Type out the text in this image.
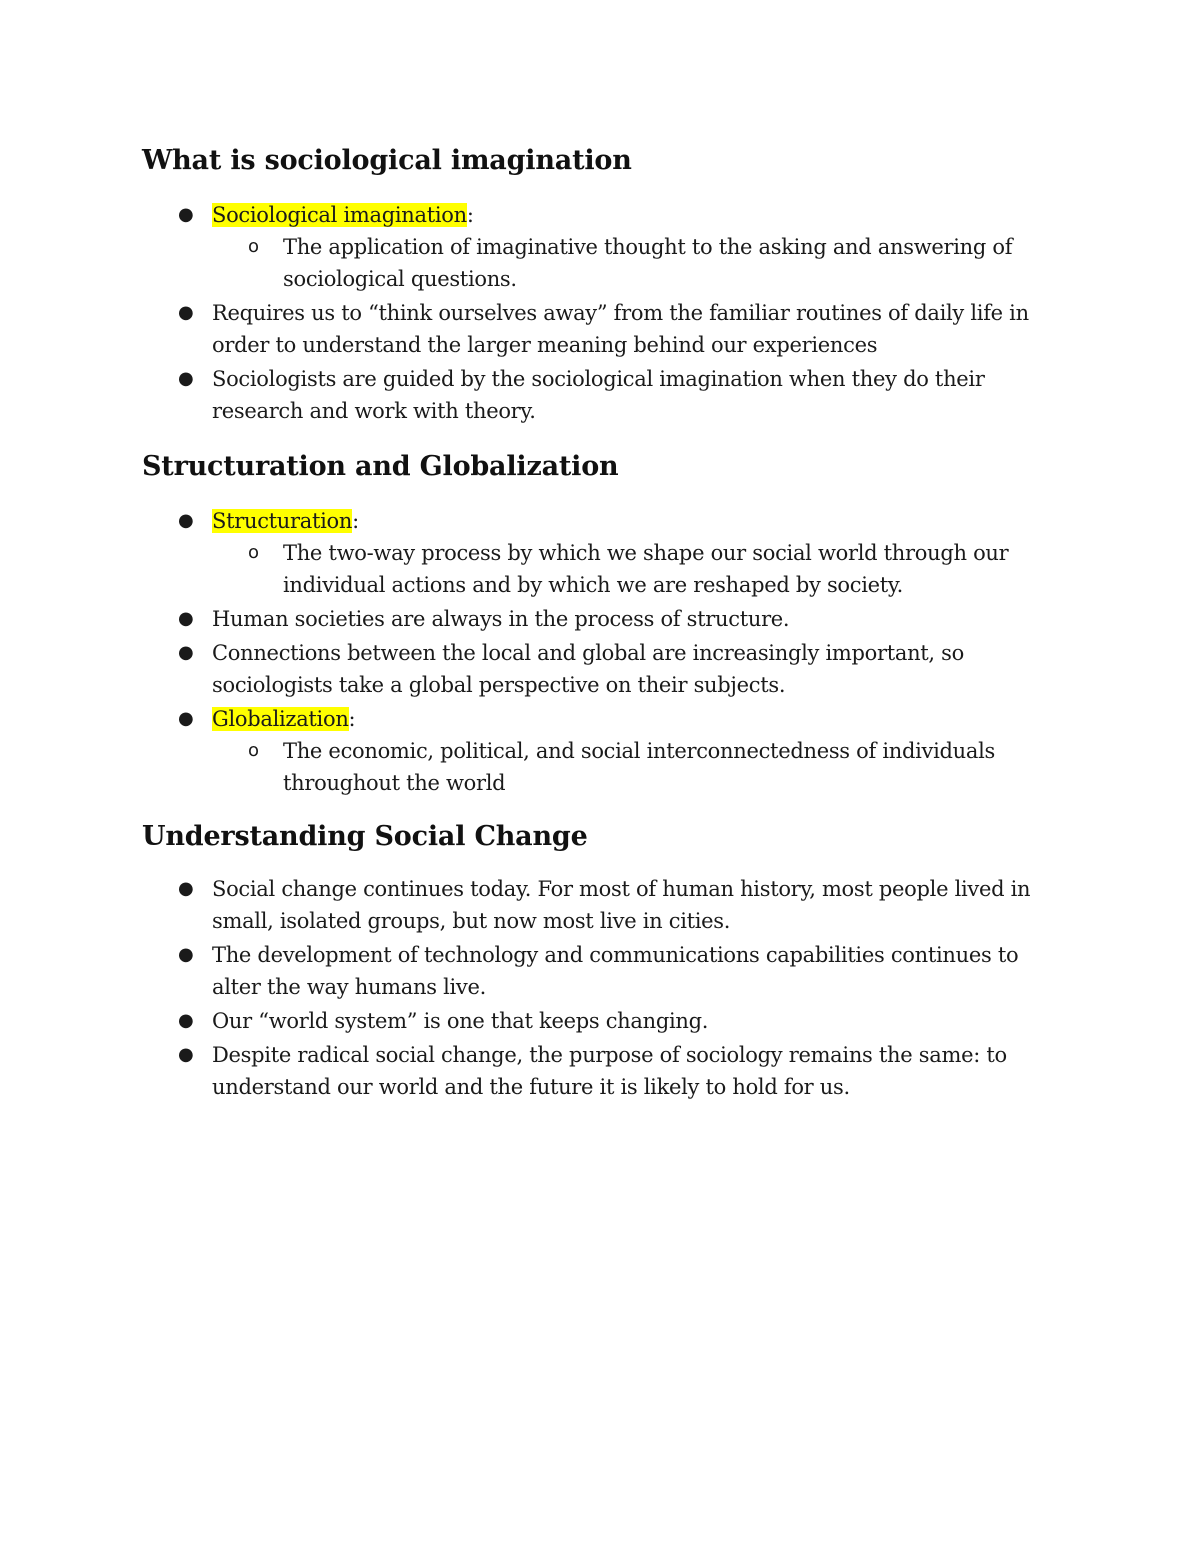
What is sociological imagination
● Sociological imagination:
o The application of imaginative thought to the asking and answering of sociological questions.
● Requires us to “think ourselves away” from the familiar routines of daily life in order to understand the larger meaning behind our experiences
● Sociologists are guided by the sociological imagination when they do their research and work with theory.
Structuration and Globalization
● Structuration:
o The two-way process by which we shape our social world through our individual actions and by which we are reshaped by society.
● Human societies are always in the process of structure.
● Connections between the local and global are increasingly important, so sociologists take a global perspective on their subjects.
● Globalization:
o The economic, political, and social interconnectedness of individuals throughout the world
Understanding Social Change
● Social change continues today. For most of human history, most people lived in small, isolated groups, but now most live in cities.
● The development of technology and communications capabilities continues to alter the way humans live.
● Our “world system” is one that keeps changing.
● Despite radical social change, the purpose of sociology remains the same: to understand our world and the future it is likely to hold for us.
